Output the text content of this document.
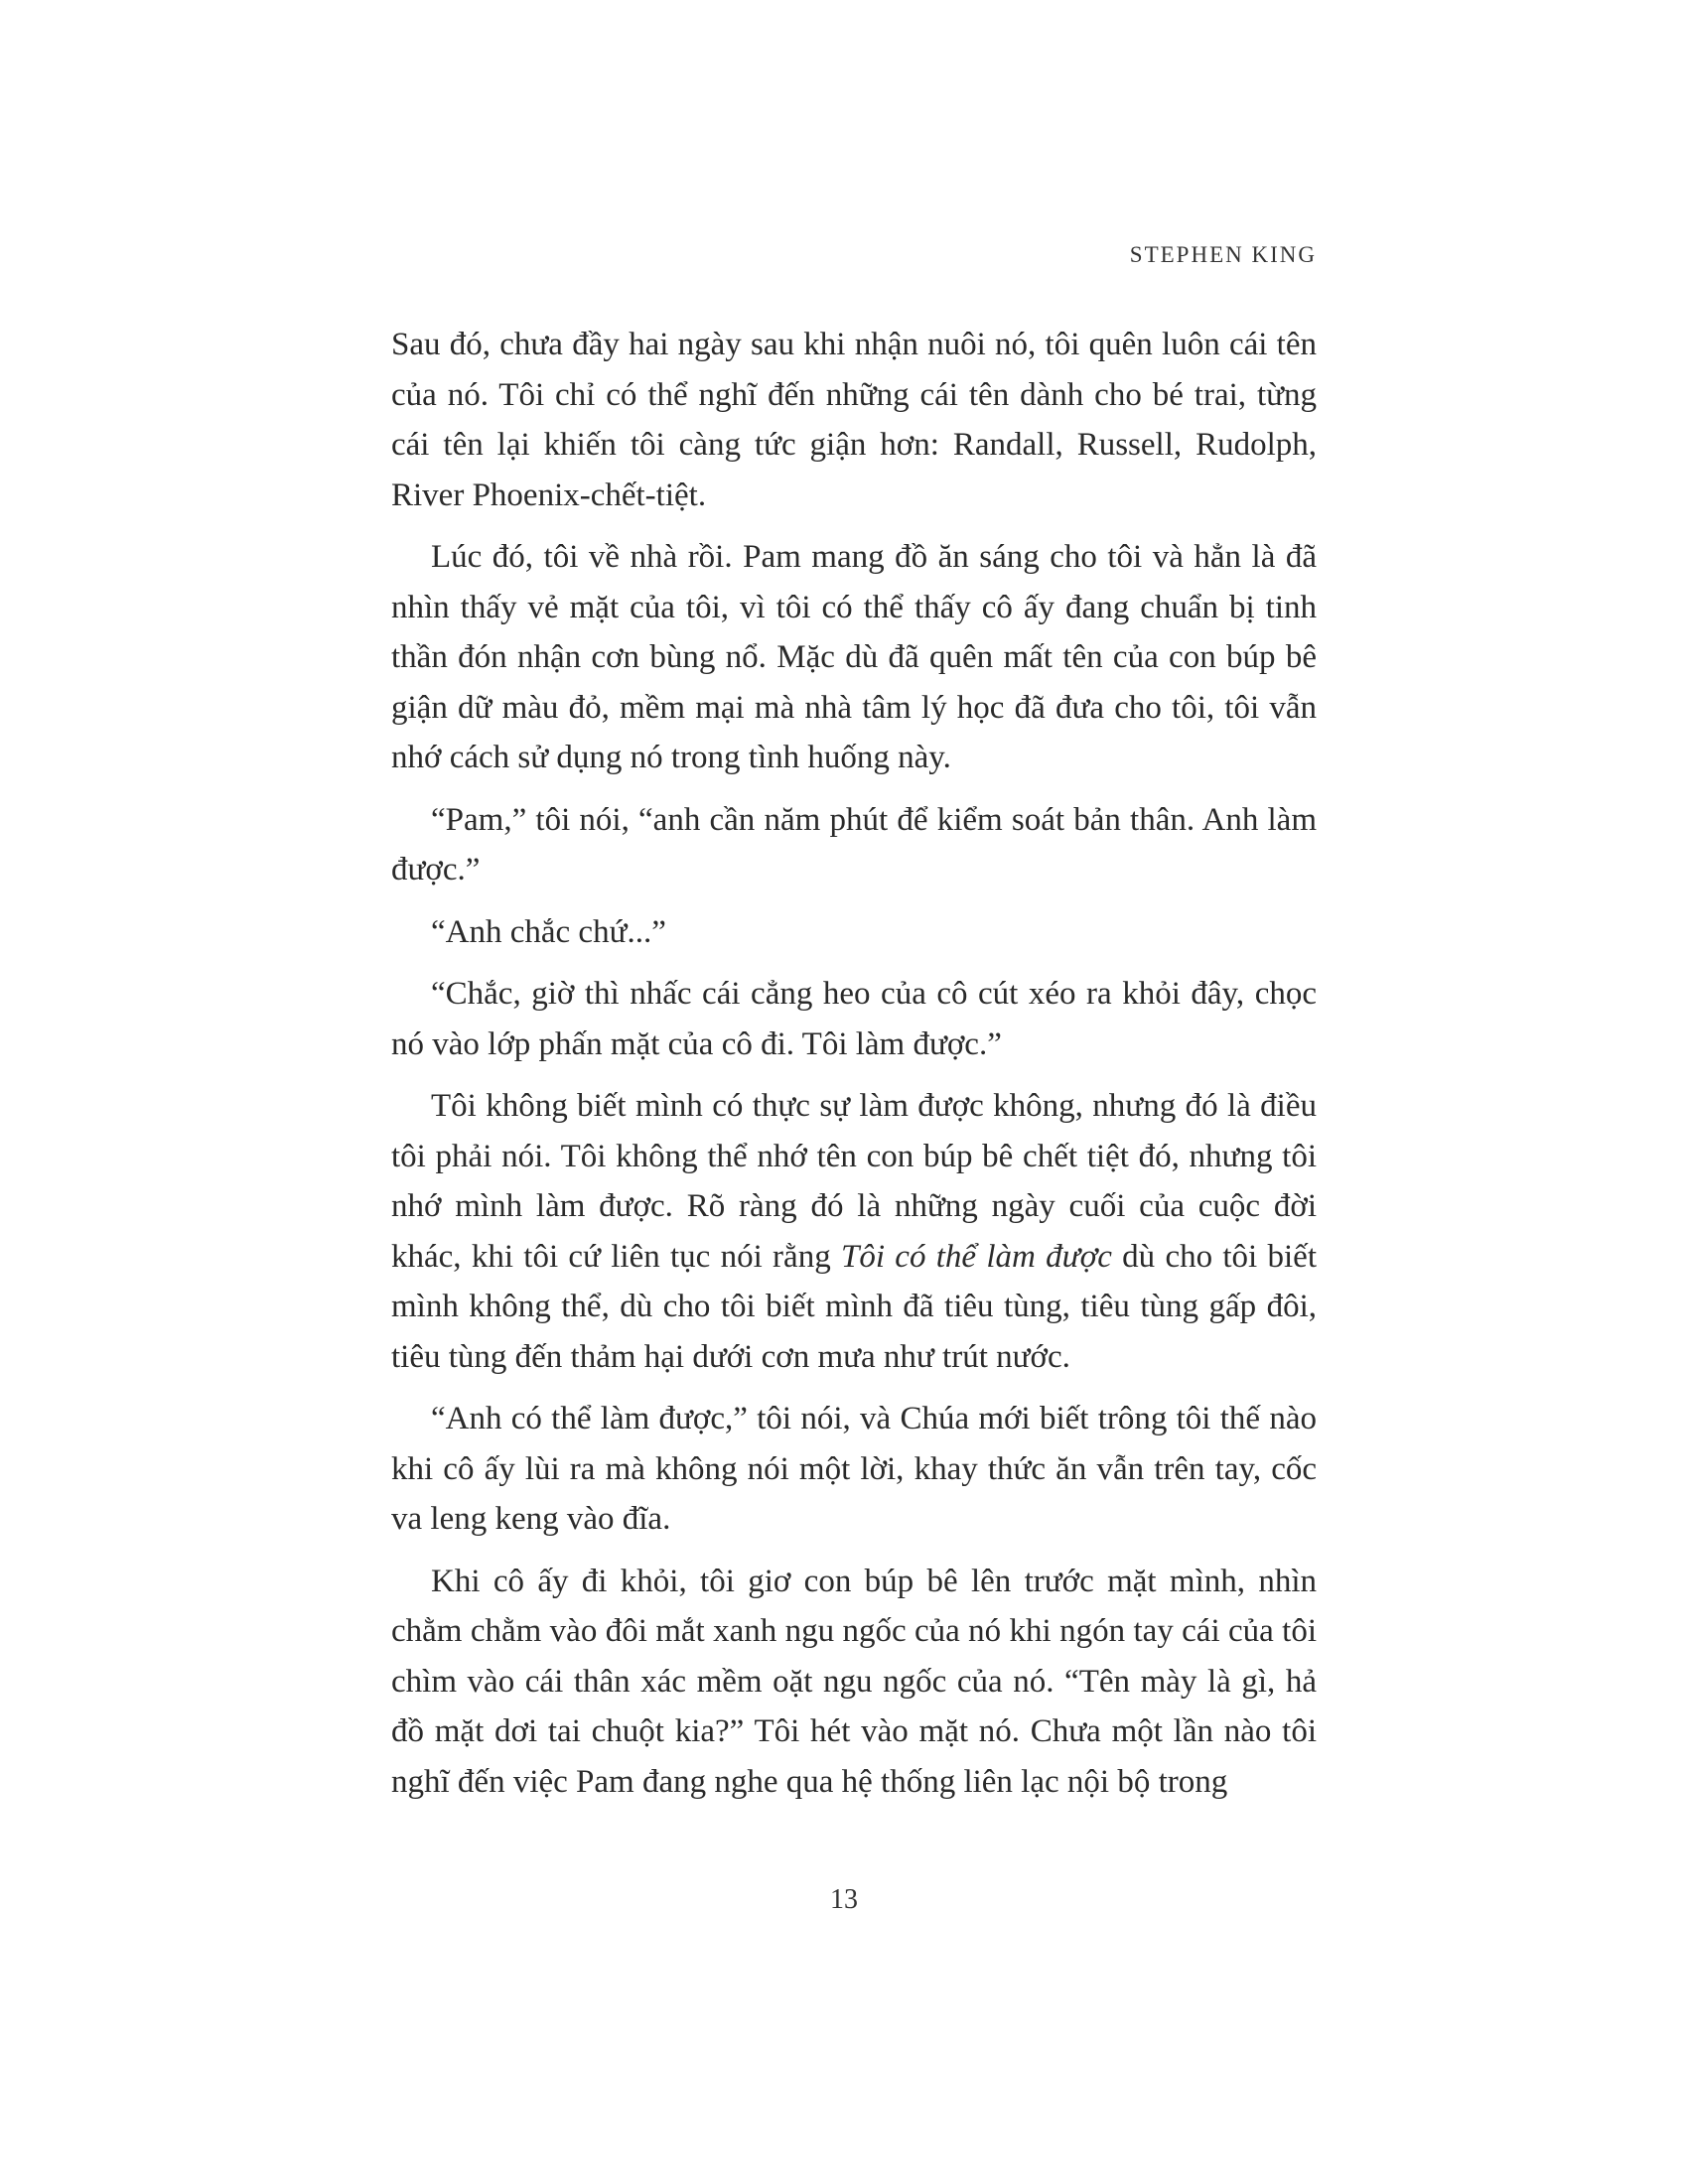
STEPHEN KING

Sau đó, chưa đầy hai ngày sau khi nhận nuôi nó, tôi quên luôn cái tên của nó. Tôi chỉ có thể nghĩ đến những cái tên dành cho bé trai, từng cái tên lại khiến tôi càng tức giận hơn: Randall, Russell, Rudolph, River Phoenix-chết-tiệt.

Lúc đó, tôi về nhà rồi. Pam mang đồ ăn sáng cho tôi và hẳn là đã nhìn thấy vẻ mặt của tôi, vì tôi có thể thấy cô ấy đang chuẩn bị tinh thần đón nhận cơn bùng nổ. Mặc dù đã quên mất tên của con búp bê giận dữ màu đỏ, mềm mại mà nhà tâm lý học đã đưa cho tôi, tôi vẫn nhớ cách sử dụng nó trong tình huống này.

“Pam,” tôi nói, “anh cần năm phút để kiểm soát bản thân. Anh làm được.”

“Anh chắc chứ...”

“Chắc, giờ thì nhấc cái cẳng heo của cô cút xéo ra khỏi đây, chọc nó vào lớp phấn mặt của cô đi. Tôi làm được.”

Tôi không biết mình có thực sự làm được không, nhưng đó là điều tôi phải nói. Tôi không thể nhớ tên con búp bê chết tiệt đó, nhưng tôi nhớ mình làm được. Rõ ràng đó là những ngày cuối của cuộc đời khác, khi tôi cứ liên tục nói rằng Tôi có thể làm được dù cho tôi biết mình không thể, dù cho tôi biết mình đã tiêu tùng, tiêu tùng gấp đôi, tiêu tùng đến thảm hại dưới cơn mưa như trút nước.

“Anh có thể làm được,” tôi nói, và Chúa mới biết trông tôi thế nào khi cô ấy lùi ra mà không nói một lời, khay thức ăn vẫn trên tay, cốc va leng keng vào đĩa.

Khi cô ấy đi khỏi, tôi giơ con búp bê lên trước mặt mình, nhìn chằm chằm vào đôi mắt xanh ngu ngốc của nó khi ngón tay cái của tôi chìm vào cái thân xác mềm oặt ngu ngốc của nó. “Tên mày là gì, hả đồ mặt dơi tai chuột kia?” Tôi hét vào mặt nó. Chưa một lần nào tôi nghĩ đến việc Pam đang nghe qua hệ thống liên lạc nội bộ trong

13
